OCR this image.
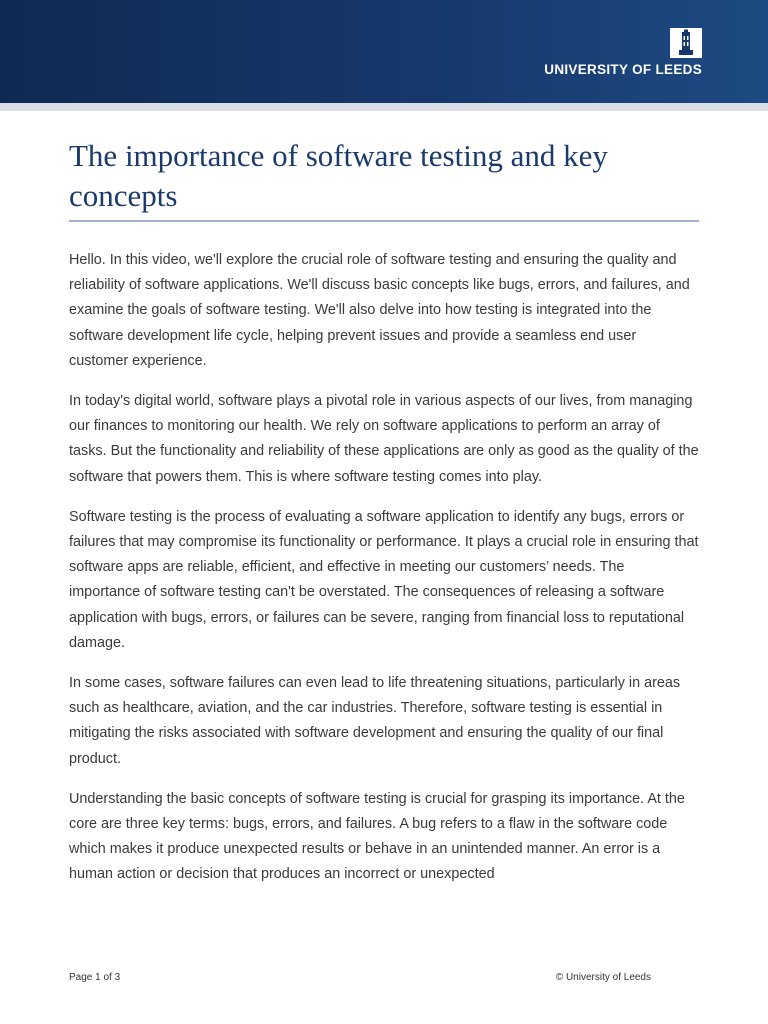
UNIVERSITY OF LEEDS
The importance of software testing and key concepts

Hello. In this video, we'll explore the crucial role of software testing and ensuring the quality and reliability of software applications. We'll discuss basic concepts like bugs, errors, and failures, and examine the goals of software testing. We'll also delve into how testing is integrated into the software development life cycle, helping prevent issues and provide a seamless end user customer experience.

In today's digital world, software plays a pivotal role in various aspects of our lives, from managing our finances to monitoring our health. We rely on software applications to perform an array of tasks. But the functionality and reliability of these applications are only as good as the quality of the software that powers them. This is where software testing comes into play.

Software testing is the process of evaluating a software application to identify any bugs, errors or failures that may compromise its functionality or performance. It plays a crucial role in ensuring that software apps are reliable, efficient, and effective in meeting our customers’ needs. The importance of software testing can't be overstated. The consequences of releasing a software application with bugs, errors, or failures can be severe, ranging from financial loss to reputational damage.

In some cases, software failures can even lead to life threatening situations, particularly in areas such as healthcare, aviation, and the car industries. Therefore, software testing is essential in mitigating the risks associated with software development and ensuring the quality of our final product.

Understanding the basic concepts of software testing is crucial for grasping its importance. At the core are three key terms: bugs, errors, and failures. A bug refers to a flaw in the software code which makes it produce unexpected results or behave in an unintended manner. An error is a human action or decision that produces an incorrect or unexpected

Page 1 of 3	© University of Leeds
